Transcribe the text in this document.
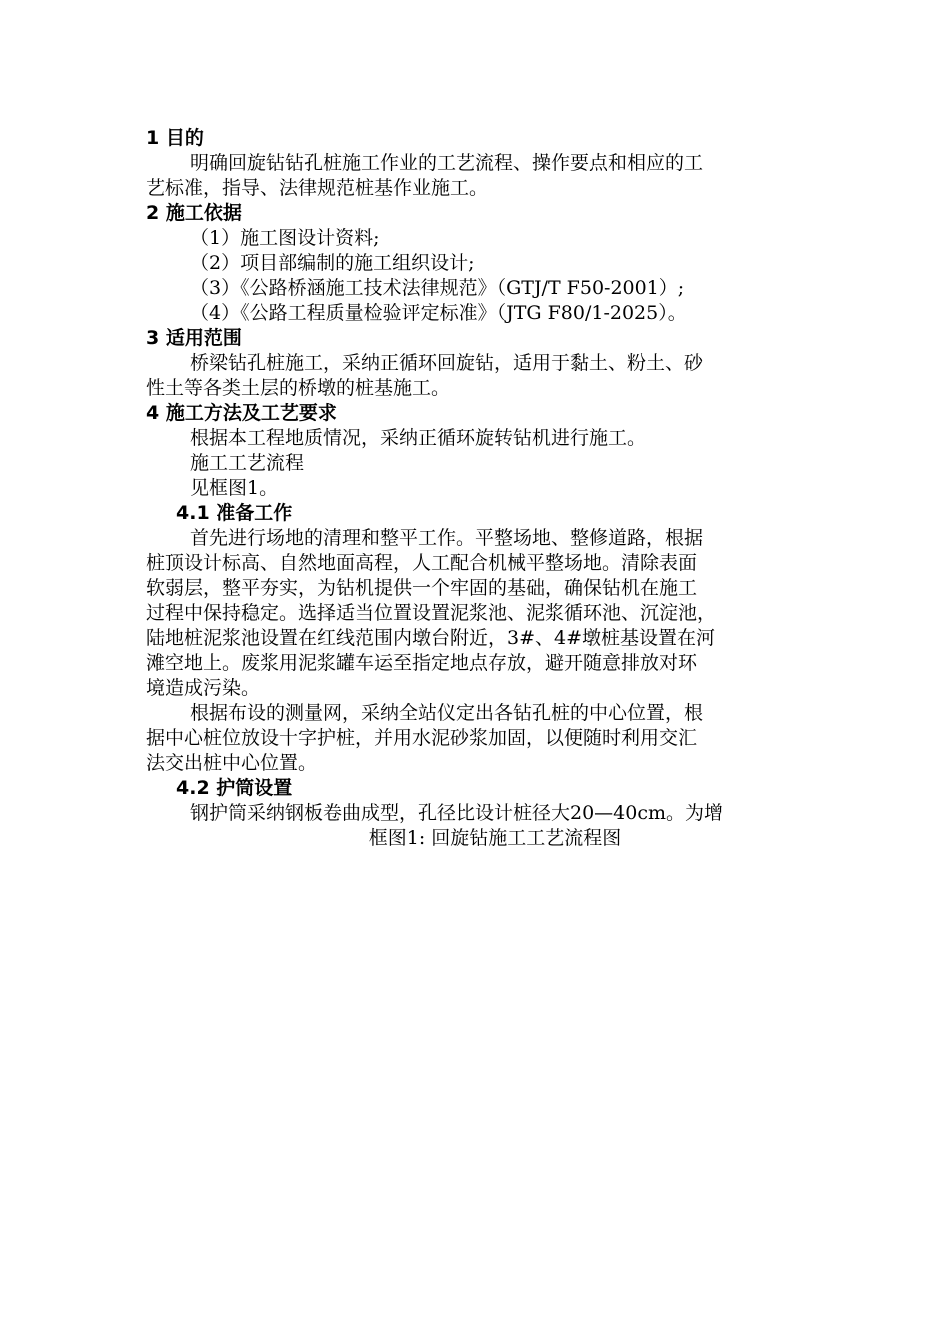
1 目的
明确回旋钻钻孔桩施工作业的工艺流程、操作要点和相应的工
艺标准，指导、法律规范桩基作业施工。
2 施工依据
（1）施工图设计资料;
（2）项目部编制的施工组织设计;
（3）《公路桥涵施工技术法律规范》（GTJ/T F50-2001）;
（4）《公路工程质量检验评定标准》（JTG F80/1-2025）。
3 适用范围
桥梁钻孔桩施工，采纳正循环回旋钻，适用于黏土、粉土、砂
性土等各类土层的桥墩的桩基施工。
4 施工方法及工艺要求
根据本工程地质情况，采纳正循环旋转钻机进行施工。
施工工艺流程
见框图1。
4.1 准备工作
首先进行场地的清理和整平工作。平整场地、整修道路，根据
桩顶设计标高、自然地面高程，人工配合机械平整场地。清除表面
软弱层，整平夯实，为钻机提供一个牢固的基础，确保钻机在施工
过程中保持稳定。选择适当位置设置泥浆池、泥浆循环池、沉淀池，
陆地桩泥浆池设置在红线范围内墩台附近，3#、4#墩桩基设置在河
滩空地上。废浆用泥浆罐车运至指定地点存放，避开随意排放对环
境造成污染。
根据布设的测量网，采纳全站仪定出各钻孔桩的中心位置，根
据中心桩位放设十字护桩，并用水泥砂浆加固，以便随时利用交汇
法交出桩中心位置。
4.2 护筒设置
钢护筒采纳钢板卷曲成型，孔径比设计桩径大20—40cm。为增
框图1: 回旋钻施工工艺流程图
